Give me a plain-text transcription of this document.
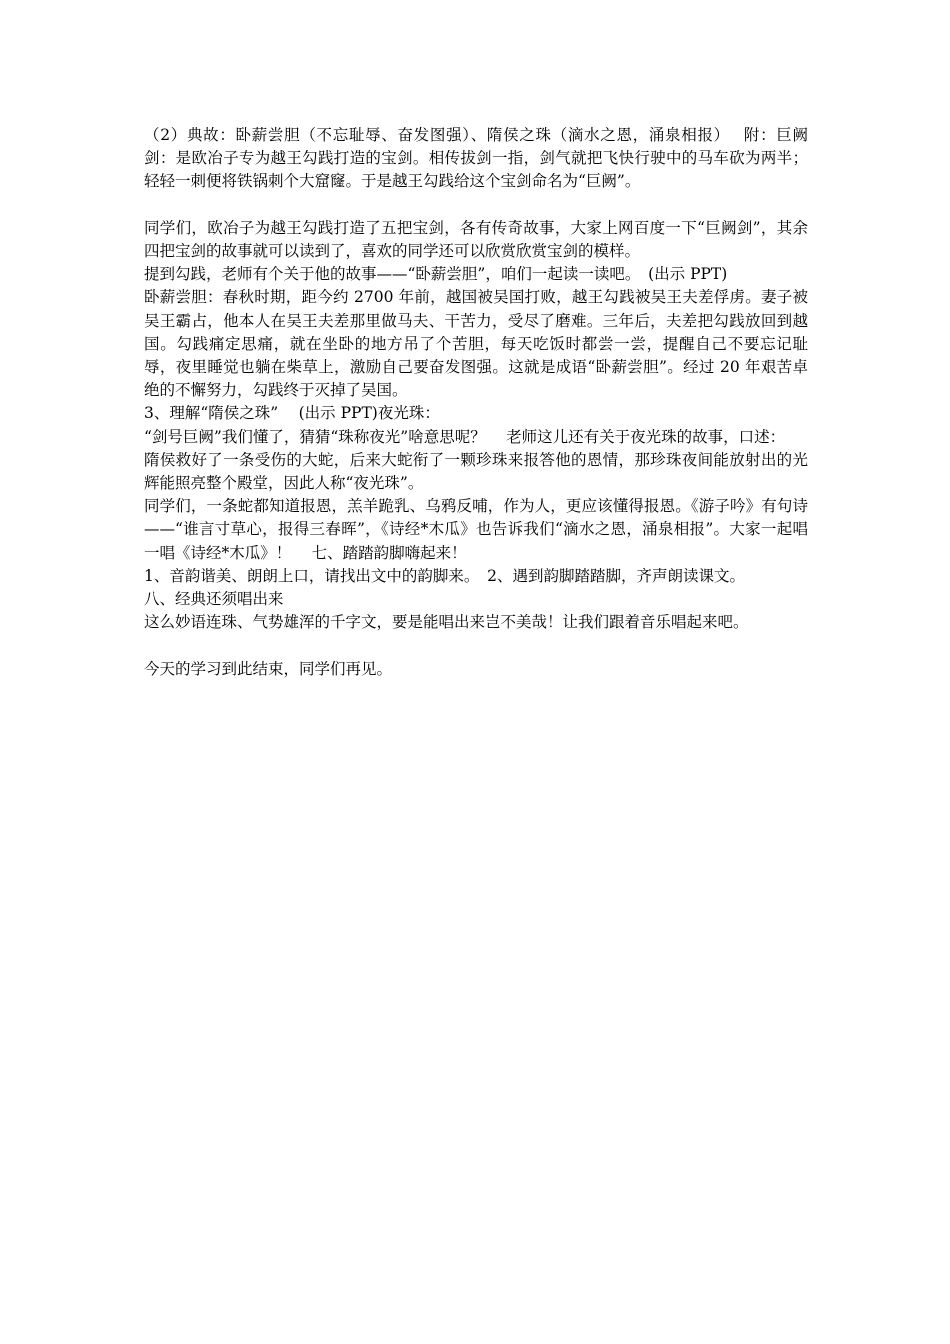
（2）典故：卧薪尝胆（不忘耻辱、奋发图强）、隋侯之珠（滴水之恩，涌泉相报）　 附：巨阙剑：是欧冶子专为越王勾践打造的宝剑。相传拔剑一指，剑气就把飞快行驶中的马车砍为两半；轻轻一刺便将铁锅刺个大窟窿。于是越王勾践给这个宝剑命名为“巨阙”。

同学们，欧冶子为越王勾践打造了五把宝剑，各有传奇故事，大家上网百度一下“巨阙剑”，其余四把宝剑的故事就可以读到了，喜欢的同学还可以欣赏欣赏宝剑的模样。

提到勾践，老师有个关于他的故事——“卧薪尝胆”，咱们一起读一读吧。　(出示 PPT)

卧薪尝胆：春秋时期，距今约 2700 年前，越国被吴国打败，越王勾践被吴王夫差俘虏。妻子被吴王霸占，他本人在吴王夫差那里做马夫、干苦力，受尽了磨难。三年后，夫差把勾践放回到越国。勾践痛定思痛，就在坐卧的地方吊了个苦胆，每天吃饭时都尝一尝，提醒自己不要忘记耻辱，夜里睡觉也躺在柴草上，激励自己要奋发图强。这就是成语“卧薪尝胆”。经过 20 年艰苦卓绝的不懈努力，勾践终于灭掉了吴国。

3、理解“隋侯之珠”　 (出示 PPT)夜光珠：

“剑号巨阙”我们懂了，猜猜“珠称夜光”啥意思呢？　 老师这儿还有关于夜光珠的故事，口述：

隋侯救好了一条受伤的大蛇，后来大蛇衔了一颗珍珠来报答他的恩情，那珍珠夜间能放射出的光辉能照亮整个殿堂，因此人称“夜光珠”。

同学们，一条蛇都知道报恩，羔羊跪乳、乌鸦反哺，作为人，更应该懂得报恩。《游子吟》有句诗——“谁言寸草心，报得三春晖”，《诗经*木瓜》也告诉我们“滴水之恩，涌泉相报”。大家一起唱一唱《诗经*木瓜》！　 七、踏踏韵脚嗨起来！

1、音韵谐美、朗朗上口，请找出文中的韵脚来。　2、遇到韵脚踏踏脚，齐声朗读课文。

八、经典还须唱出来

这么妙语连珠、气势雄浑的千字文，要是能唱出来岂不美哉！让我们跟着音乐唱起来吧。

今天的学习到此结束，同学们再见。
